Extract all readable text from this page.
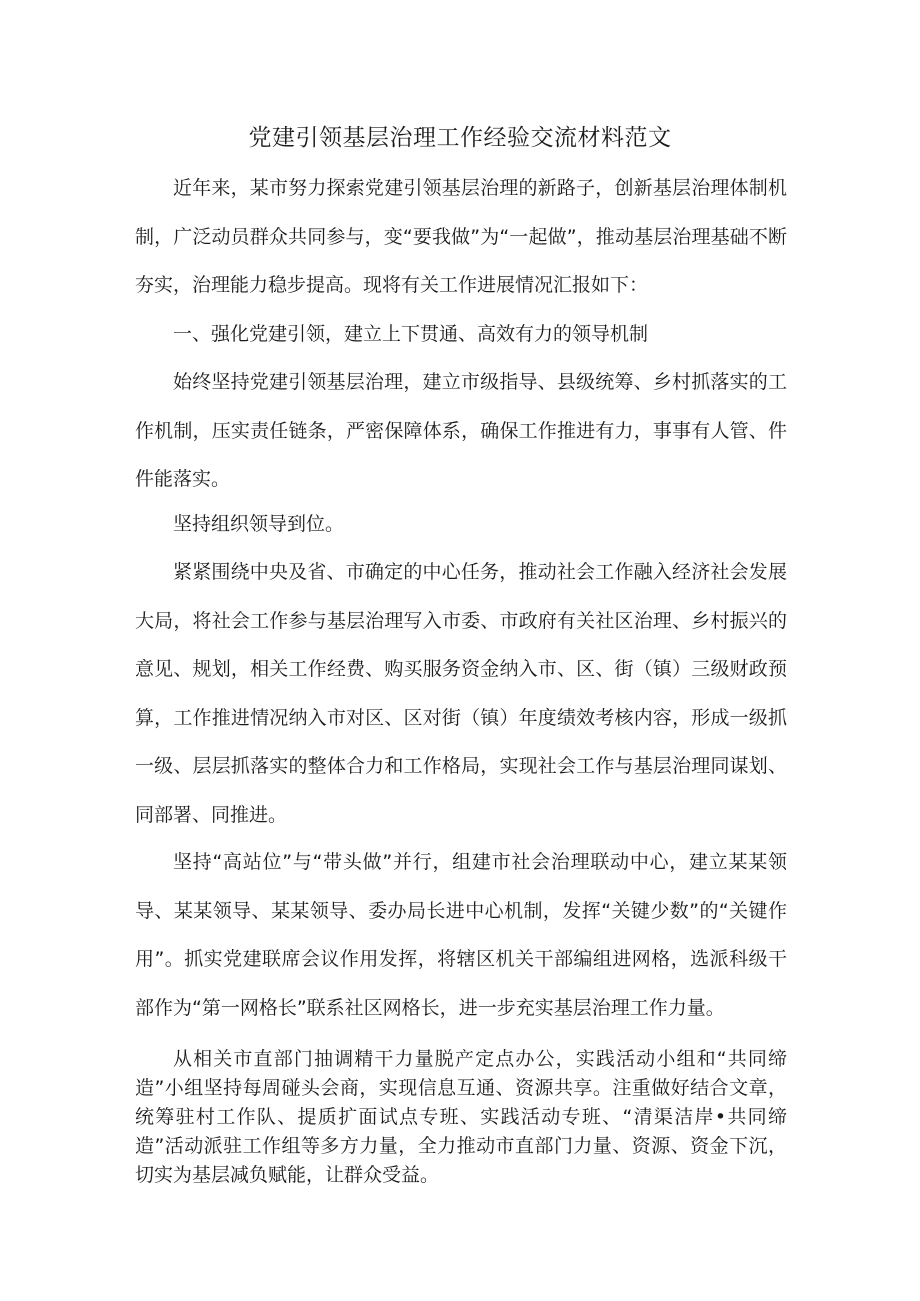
党建引领基层治理工作经验交流材料范文

近年来，某市努力探索党建引领基层治理的新路子，创新基层治理体制机制，广泛动员群众共同参与，变“要我做”为“一起做”，推动基层治理基础不断夯实，治理能力稳步提高。现将有关工作进展情况汇报如下：

一、强化党建引领，建立上下贯通、高效有力的领导机制

始终坚持党建引领基层治理，建立市级指导、县级统筹、乡村抓落实的工作机制，压实责任链条，严密保障体系，确保工作推进有力，事事有人管、件件能落实。

坚持组织领导到位。

紧紧围绕中央及省、市确定的中心任务，推动社会工作融入经济社会发展大局，将社会工作参与基层治理写入市委、市政府有关社区治理、乡村振兴的意见、规划，相关工作经费、购买服务资金纳入市、区、街（镇）三级财政预算，工作推进情况纳入市对区、区对街（镇）年度绩效考核内容，形成一级抓一级、层层抓落实的整体合力和工作格局，实现社会工作与基层治理同谋划、同部署、同推进。

坚持“高站位”与“带头做”并行，组建市社会治理联动中心，建立某某领导、某某领导、某某领导、委办局长进中心机制，发挥“关键少数”的“关键作用”。抓实党建联席会议作用发挥，将辖区机关干部编组进网格，选派科级干部作为“第一网格长”联系社区网格长，进一步充实基层治理工作力量。

从相关市直部门抽调精干力量脱产定点办公，实践活动小组和“共同缔造”小组坚持每周碰头会商，实现信息互通、资源共享。注重做好结合文章，统筹驻村工作队、提质扩面试点专班、实践活动专班、“清渠洁岸•共同缔造”活动派驻工作组等多方力量，全力推动市直部门力量、资源、资金下沉，切实为基层减负赋能，让群众受益。
